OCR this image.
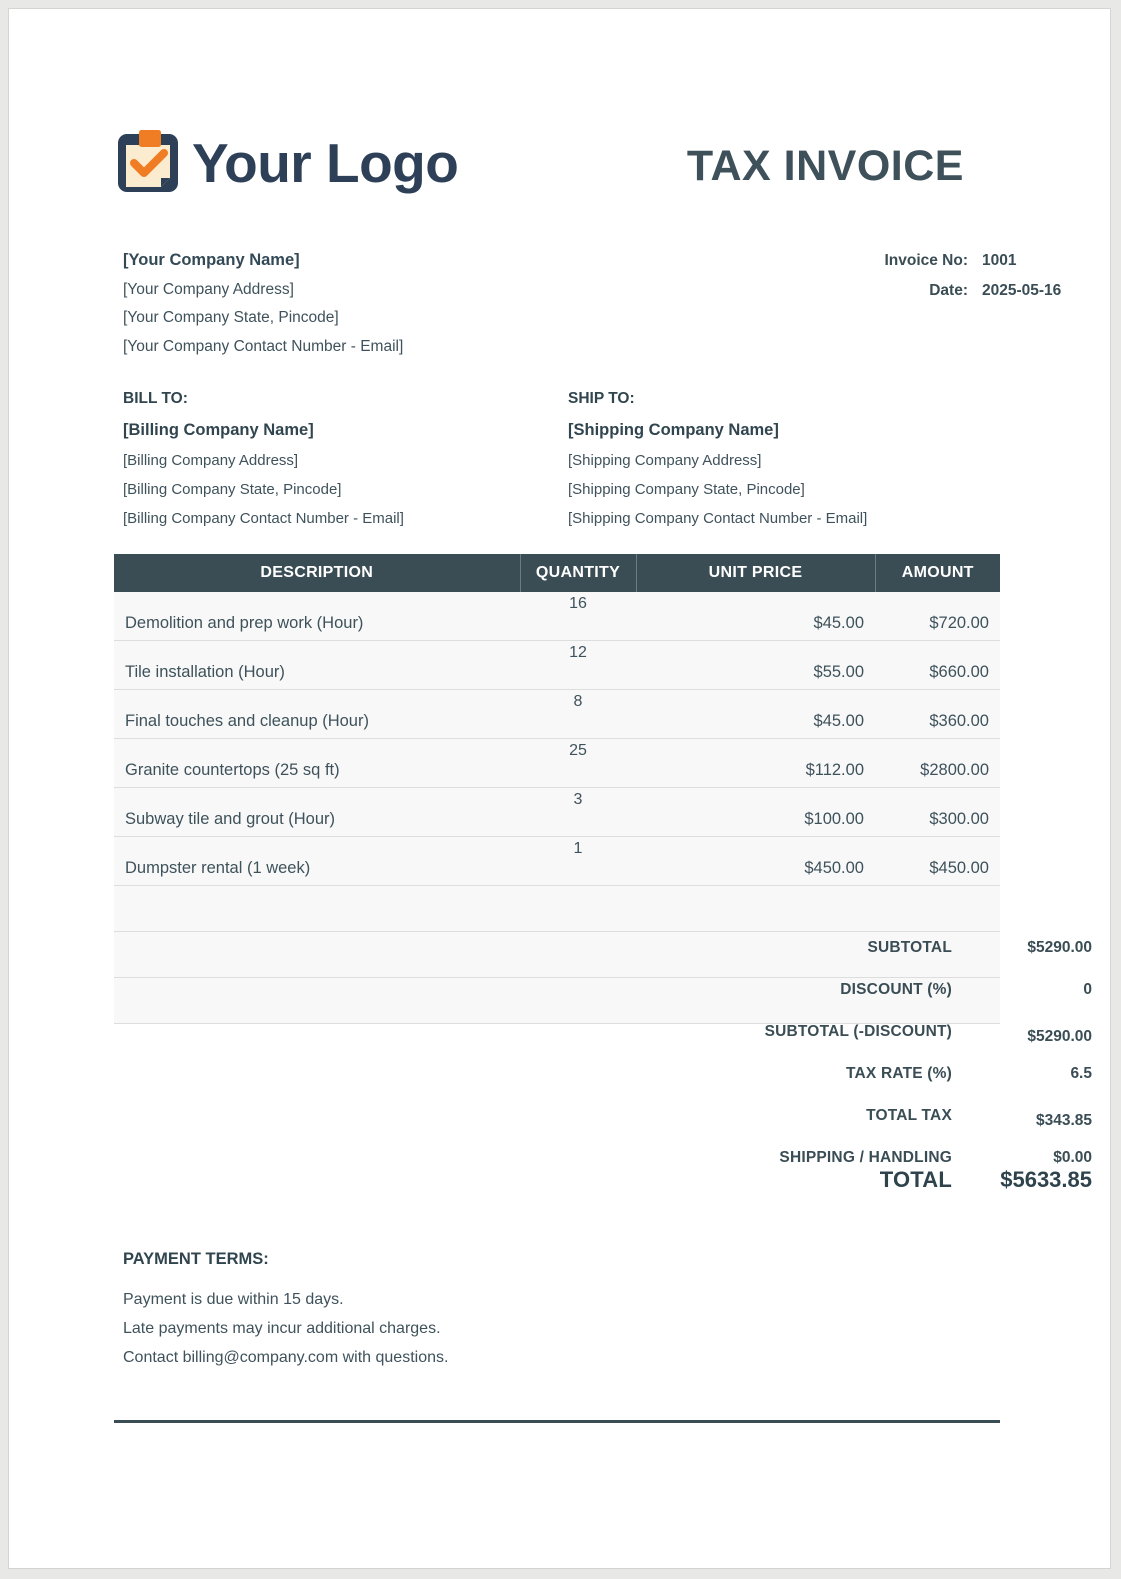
Your Logo	TAX INVOICE
Invoice No: 1001
Date: 2025-05-16
[Your Company Name]
[Your Company Address]
[Your Company State, Pincode]
[Your Company Contact Number - Email]
BILL TO:
[Billing Company Name]
[Billing Company Address]
[Billing Company State, Pincode]
[Billing Company Contact Number - Email]
SHIP TO:
[Shipping Company Name]
[Shipping Company Address]
[Shipping Company State, Pincode]
[Shipping Company Contact Number - Email]
DESCRIPTION	QUANTITY	UNIT PRICE	AMOUNT
Demolition and prep work (Hour)	16	$45.00	$720.00
Tile installation (Hour)	12	$55.00	$660.00
Final touches and cleanup (Hour)	8	$45.00	$360.00
Granite countertops (25 sq ft)	25	$112.00	$2800.00
Subway tile and grout (Hour)	3	$100.00	$300.00
Dumpster rental (1 week)	1	$450.00	$450.00

SUBTOTAL	$5290.00
DISCOUNT (%)	0
SUBTOTAL (-DISCOUNT)	$5290.00
TAX RATE (%)	6.5
TOTAL TAX	$343.85
SHIPPING / HANDLING	$0.00
TOTAL	$5633.85
PAYMENT TERMS:
Payment is due within 15 days.
Late payments may incur additional charges.
Contact billing@company.com with questions.
